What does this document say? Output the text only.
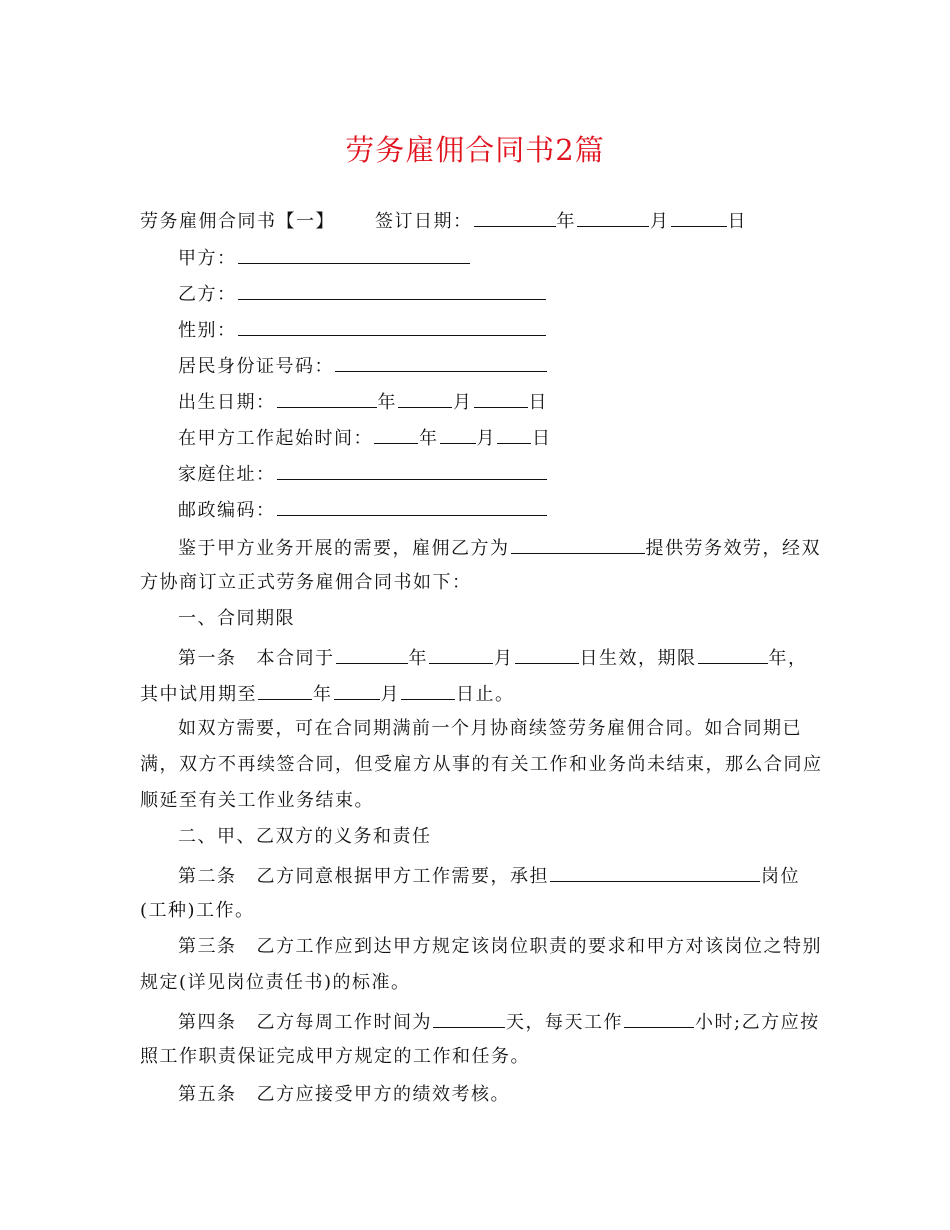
劳务雇佣合同书2篇
劳务雇佣合同书【一】 签订日期：	年	月	日
甲方：
乙方：
性别：
居民身份证号码：
出生日期：	年	月	日
在甲方工作起始时间：	年 月 日
家庭住址：
邮政编码：
鉴于甲方业务开展的需要，雇佣乙方为	提供劳务效劳，经双
方协商订立正式劳务雇佣合同书如下：
一、合同期限
第一条 本合同于	年	月	日生效，期限	年，
其中试用期至	年	月	日止。
如双方需要，可在合同期满前一个月协商续签劳务雇佣合同。如合同期已
满，双方不再续签合同，但受雇方从事的有关工作和业务尚未结束，那么合同应
顺延至有关工作业务结束。
二、甲、乙双方的义务和责任
第二条 乙方同意根据甲方工作需要，承担	岗位
(工种)工作。
第三条 乙方工作应到达甲方规定该岗位职责的要求和甲方对该岗位之特别
规定(详见岗位责任书)的标准。
第四条 乙方每周工作时间为	天，每天工作	小时;乙方应按
照工作职责保证完成甲方规定的工作和任务。
第五条 乙方应接受甲方的绩效考核。
